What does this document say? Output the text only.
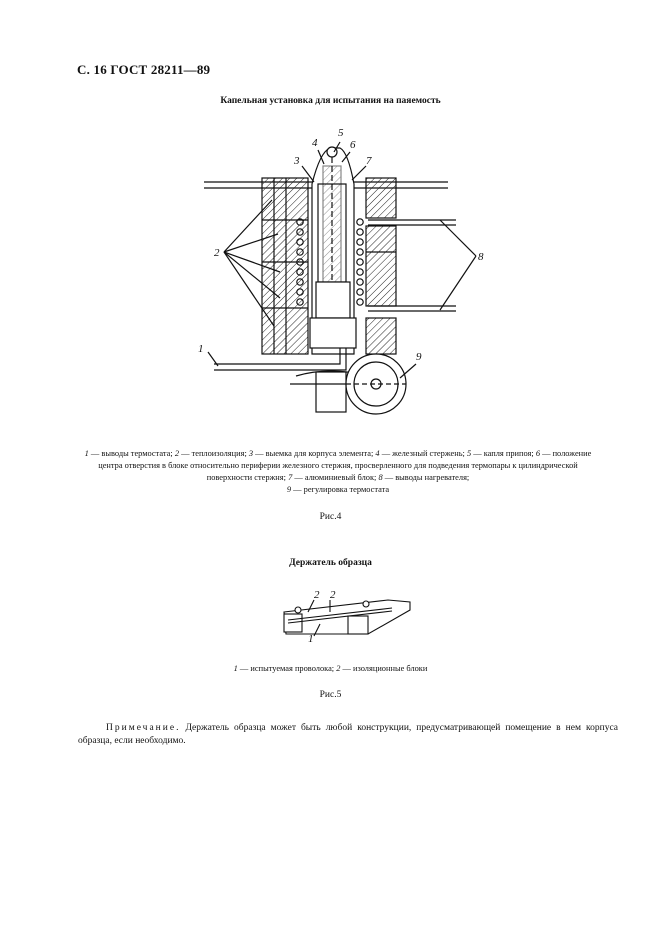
С. 16 ГОСТ 28211—89
Капельная установка для испытания на паяемость
1
2
3
4
5
6
7
8
9
1 — выводы термостата; 2 — теплоизоляция; 3 — выемка для корпуса элемента; 4 — железный стержень; 5 — капля припоя; 6 — положение центра отверстия в блоке относительно периферии железного стержня, просверленного для подведения термопары к цилиндрической поверхности стержня; 7 — алюминиевый блок; 8 — выводы нагревателя;
9 — регулировка термостата
Рис.4
Держатель образца
2 2
1
1 — испытуемая проволока; 2 — изоляционные блоки
Рис.5
Примечание. Держатель образца может быть любой конструкции, предусматривающей помещение в нем корпуса образца, если необходимо.
